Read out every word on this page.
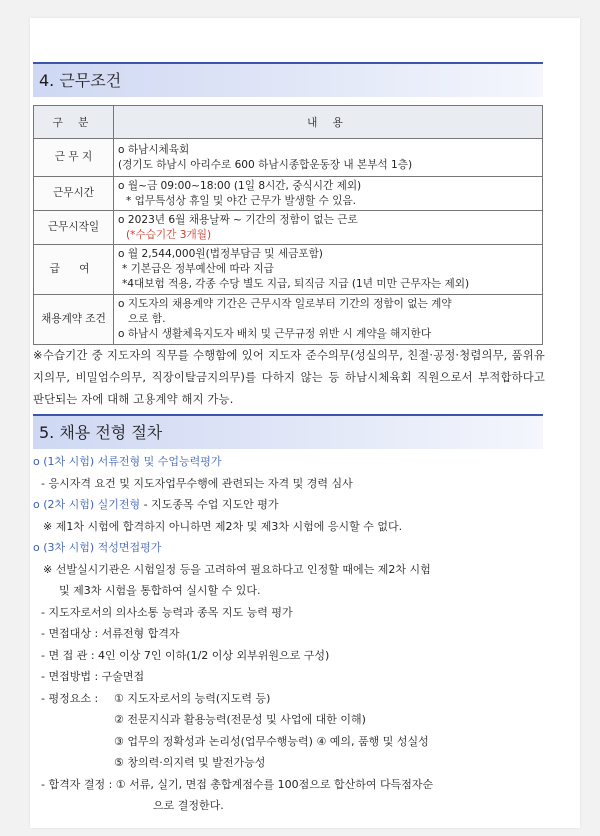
4. 근무조건
구 분	내 용
근 무 지	o 하남시체육회
(경기도 하남시 아리수로 600 하남시종합운동장 내 본부석 1층)

근무시간	o 월~금 09:00~18:00 (1일 8시간, 중식시간 제외)
* 업무특성상 휴일 및 야간 근무가 발생할 수 있음.

근무시작일	o 2023년 6월 채용날짜 ~ 기간의 정함이 없는 근로
(*수습기간 3개월)

급 여	o 월 2,544,000원(법정부담금 및 세금포함)
* 기본급은 정부예산에 따라 지급
*4대보험 적용, 각종 수당 별도 지급, 퇴직금 지급 (1년 미만 근무자는 제외)

채용계약 조건	o 지도자의 채용계약 기간은 근무시작 일로부터 기간의 정함이 없는 계약
으로 함.
o 하남시 생활체육지도자 배치 및 근무규정 위반 시 계약을 해지한다
※수습기간 중 지도자의 직무를 수행함에 있어 지도자 준수의무(성실의무, 친절·공정·청렴의무, 품위유지의무, 비밀엄수의무, 직장이탈금지의무)를 다하지 않는 등 하남시체육회 직원으로서 부적합하다고 판단되는 자에 대해 고용계약 해지 가능.
5. 채용 전형 절차
o (1차 시험) 서류전형 및 수업능력평가
- 응시자격 요건 및 지도자업무수행에 관련되는 자격 및 경력 심사
o (2차 시험) 실기전형 - 지도종목 수업 지도안 평가
※ 제1차 시험에 합격하지 아니하면 제2차 및 제3차 시험에 응시할 수 없다.
o (3차 시험) 적성면접평가
※ 선발실시기관은 시험일정 등을 고려하여 필요하다고 인정할 때에는 제2차 시험
및 제3차 시험을 통합하여 실시할 수 있다.
- 지도자로서의 의사소통 능력과 종목 지도 능력 평가
- 면접대상 : 서류전형 합격자
- 면 접 관 : 4인 이상 7인 이하(1/2 이상 외부위원으로 구성)
- 면접방법 : 구술면접
- 평정요소 : ① 지도자로서의 능력(지도력 등)
② 전문지식과 활용능력(전문성 및 사업에 대한 이해)
③ 업무의 정확성과 논리성(업무수행능력) ④ 예의, 품행 및 성실성
⑤ 창의력·의지력 및 발전가능성
- 합격자 결정 : ① 서류, 실기, 면접 총합계점수를 100점으로 합산하여 다득점자순
으로 결정한다.
